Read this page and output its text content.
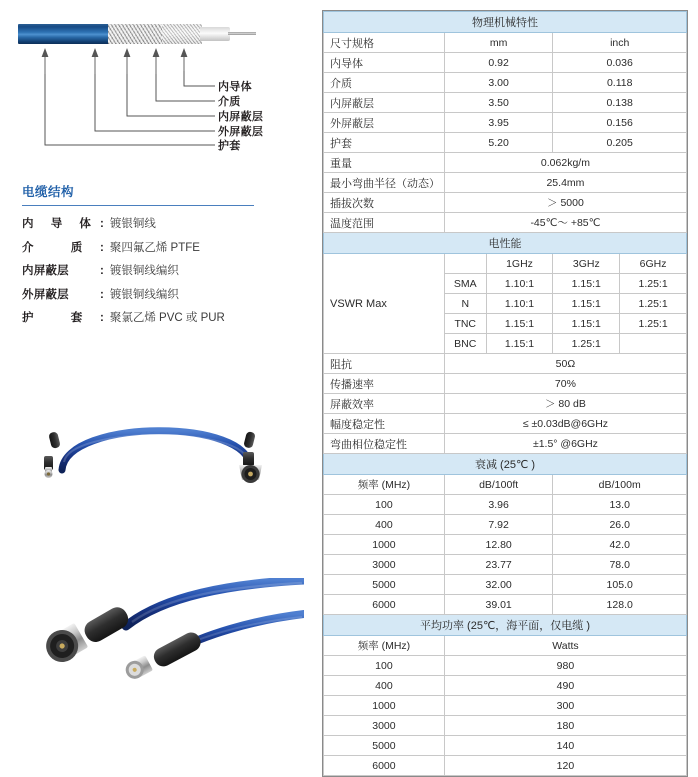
内导体
介质
内屏蔽层
外屏蔽层
护套
电缆结构
内 导 体 : 镀银铜线
介 质 : 聚四氟乙烯 PTFE
内屏蔽层	: 镀银铜线编织
外屏蔽层	: 镀银铜线编织
护 套 : 聚氯乙烯 PVC 或 PUR
物理机械特性				
尺寸规格	mm		inch	
内导体	0.92		0.036	
介质	3.00		0.118	
内屏蔽层	3.50		0.138	
外屏蔽层	3.95		0.156	
护套	5.20		0.205	
重量	0.062kg/m			
最小弯曲半径（动态）	25.4mm			
插拔次数	＞ 5000			
温度范围	-45℃～ +85℃			
电性能				
VSWR Max		1GHz	3GHz	6GHz
	SMA	1.10:1	1.15:1	1.25:1
	N	1.10:1	1.15:1	1.25:1
	TNC	1.15:1	1.15:1	1.25:1
	BNC	1.15:1	1.25:1	
阻抗	50Ω			
传播速率	70%			
屏蔽效率	＞ 80 dB			
幅度稳定性	≤ ±0.03dB@6GHz			
弯曲相位稳定性	±1.5° @6GHz			
衰减 (25℃ )				
频率 (MHz)	dB/100ft		dB/100m	
100	3.96		13.0	
400	7.92		26.0	
1000	12.80		42.0	
3000	23.77		78.0	
5000	32.00		105.0	
6000	39.01		128.0	
平均功率 (25℃，海平面，仅电缆 )				
频率 (MHz)	Watts			
100	980			
400	490			
1000	300			
3000	180			
5000	140			
6000	120			
